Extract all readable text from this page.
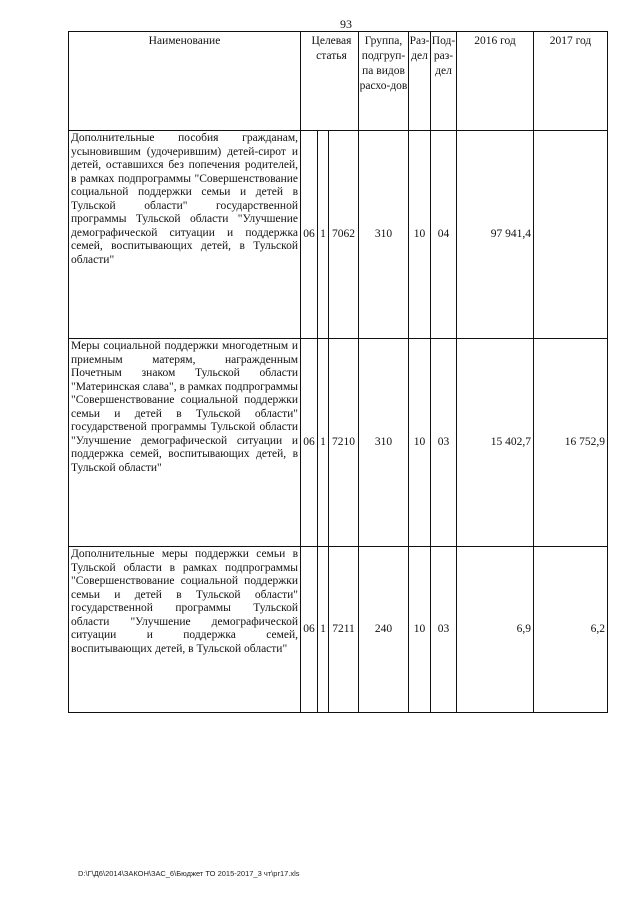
93
Наименование	Целевая статья			Группа, подгруп-па видов расхо-дов	Раз-дел	Под-раз-дел	2016 год	2017 год
Дополнительные пособия гражданам, усыновившим (удочерившим) детей-сирот и детей, оставшихся без попечения родителей, в рамках подпрограммы "Совершенствование социальной поддержки семьи и детей в Тульской области" государственной программы Тульской области "Улучшение демографической ситуации и поддержка семей, воспитывающих детей, в Тульской области"	06	1	7062	310	10	04	97 941,4	
Меры социальной поддержки многодетным и приемным матерям, награжденным Почетным знаком Тульской области "Материнская слава", в рамках подпрограммы "Совершенствование социальной поддержки семьи и детей в Тульской области" государственой программы Тульской области "Улучшение демографической ситуации и поддержка семей, воспитывающих детей, в Тульской области"	06	1	7210	310	10	03	15 402,7	16 752,9
Дополнительные меры поддержки семьи в Тульской области в рамках подпрограммы "Совершенствование социальной поддержки семьи и детей в Тульской области" государственной программы Тульской области "Улучшение демографической ситуации и поддержка семей, воспитывающих детей, в Тульской области"	06	1	7211	240	10	03	6,9	6,2
D:\Г\Д6\2014\ЗАКОН\ЗАС_6\Бюджет ТО 2015-2017_3 чт\рr17.xls
